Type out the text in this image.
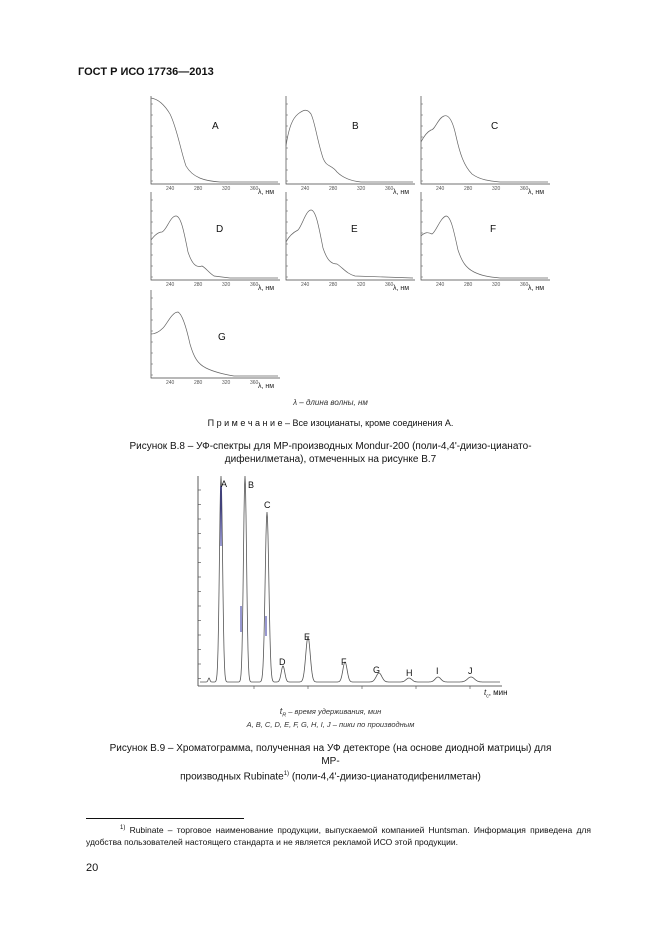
ГОСТ Р ИСО 17736—2013
A
240	280	320	360 λ, нм
B
240	280	320	360 λ, нм
C
240	280	320	360 λ, нм
D
240	280	320	360 λ, нм
E
240	280	320	360 λ, нм
F
240	280	320	360 λ, нм
G
240	280	320	360 λ, нм
λ – длина волны, нм
П р и м е ч а н и е – Все изоцианаты, кроме соединения А.
Рисунок В.8 – УФ-спектры для МР-производных Mondur-200 (поли-4,4'-диизо-цианато-
дифенилметана), отмеченных на рисунке В.7
A B
C
D
E
F
G	H	I	J
$t_c$, мин
$t_R$ – время удерживания, мин
A, B, C, D, E, F, G, H, I, J – пики по производным
Рисунок В.9 – Хроматограмма, полученная на УФ детекторе (на основе диодной матрицы) для МР-
производных Rubinate$^{1)}$ (поли-4,4'-диизо-цианатодифенилметан)
$^{1)}$ Rubinate – торговое наименование продукции, выпускаемой компанией Huntsman. Информация приведена для удобства пользователей настоящего стандарта и не является рекламой ИСО этой продукции.
20
